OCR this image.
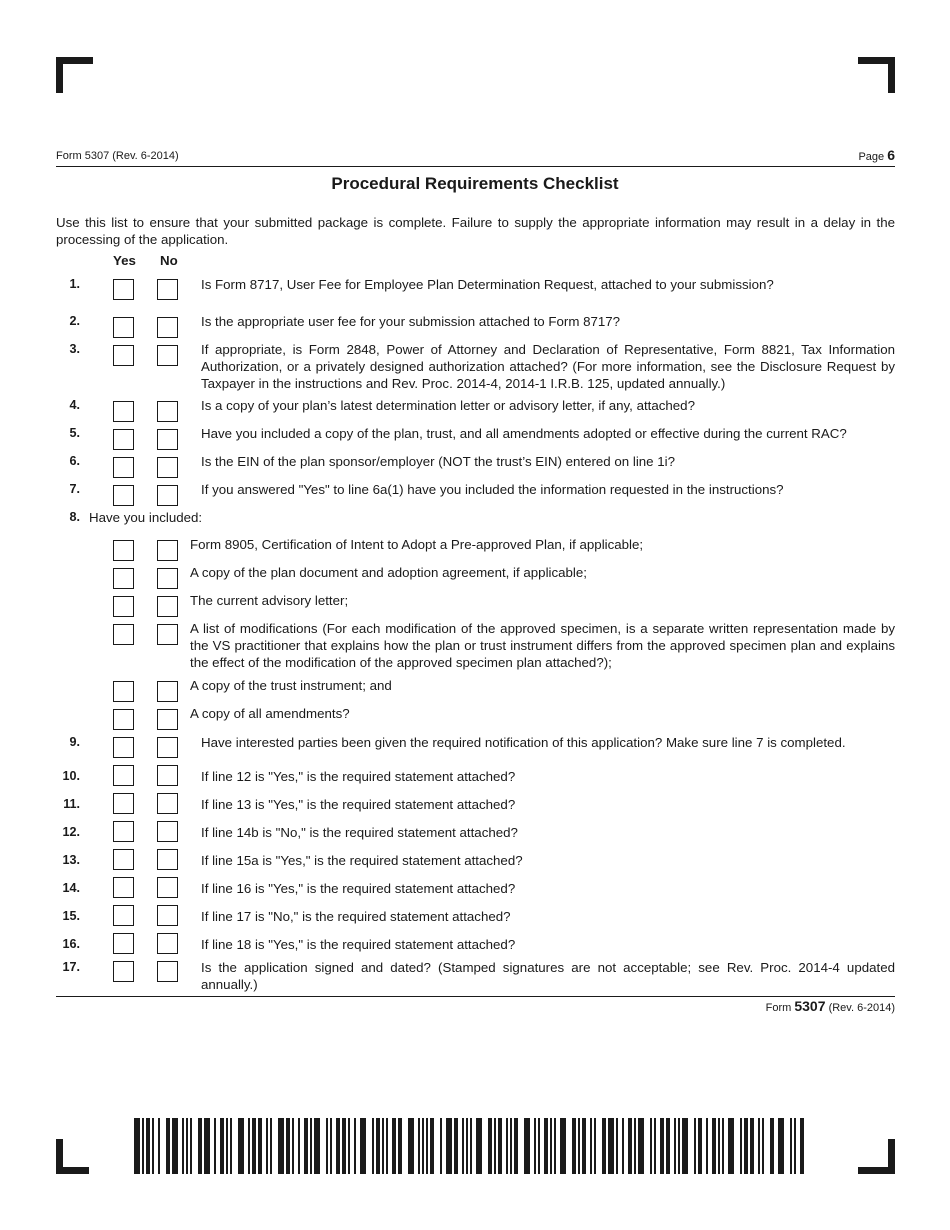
Form 5307 (Rev. 6-2014)	Page 6
Procedural Requirements Checklist
Use this list to ensure that your submitted package is complete. Failure to supply the appropriate information may result in a delay in the processing of the application.
Yes No
1.	Is Form 8717, User Fee for Employee Plan Determination Request, attached to your submission?
2.	Is the appropriate user fee for your submission attached to Form 8717?
3.	If appropriate, is Form 2848, Power of Attorney and Declaration of Representative, Form 8821, Tax Information Authorization, or a privately designed authorization attached? (For more information, see the Disclosure Request by Taxpayer in the instructions and Rev. Proc. 2014-4, 2014-1 I.R.B. 125, updated annually.)
4.	Is a copy of your plan’s latest determination letter or advisory letter, if any, attached?
5.	Have you included a copy of the plan, trust, and all amendments adopted or effective during the current RAC?
6.	Is the EIN of the plan sponsor/employer (NOT the trust’s EIN) entered on line 1i?
7.	If you answered "Yes" to line 6a(1) have you included the information requested in the instructions?
8. Have you included:
Form 8905, Certification of Intent to Adopt a Pre-approved Plan, if applicable;
A copy of the plan document and adoption agreement, if applicable;
The current advisory letter;
A list of modifications (For each modification of the approved specimen, is a separate written representation made by the VS practitioner that explains how the plan or trust instrument differs from the approved specimen plan and explains the effect of the modification of the approved specimen plan attached?);
A copy of the trust instrument; and
A copy of all amendments?
9.	Have interested parties been given the required notification of this application? Make sure line 7 is completed.
10.	If line 12 is "Yes," is the required statement attached?
11.	If line 13 is "Yes," is the required statement attached?
12.	If line 14b is "No," is the required statement attached?
13.	If line 15a is "Yes," is the required statement attached?
14.	If line 16 is "Yes," is the required statement attached?
15.	If line 17 is "No," is the required statement attached?
16.	If line 18 is "Yes," is the required statement attached?
17.	Is the application signed and dated? (Stamped signatures are not acceptable; see Rev. Proc. 2014-4 updated annually.)
Form 5307 (Rev. 6-2014)
